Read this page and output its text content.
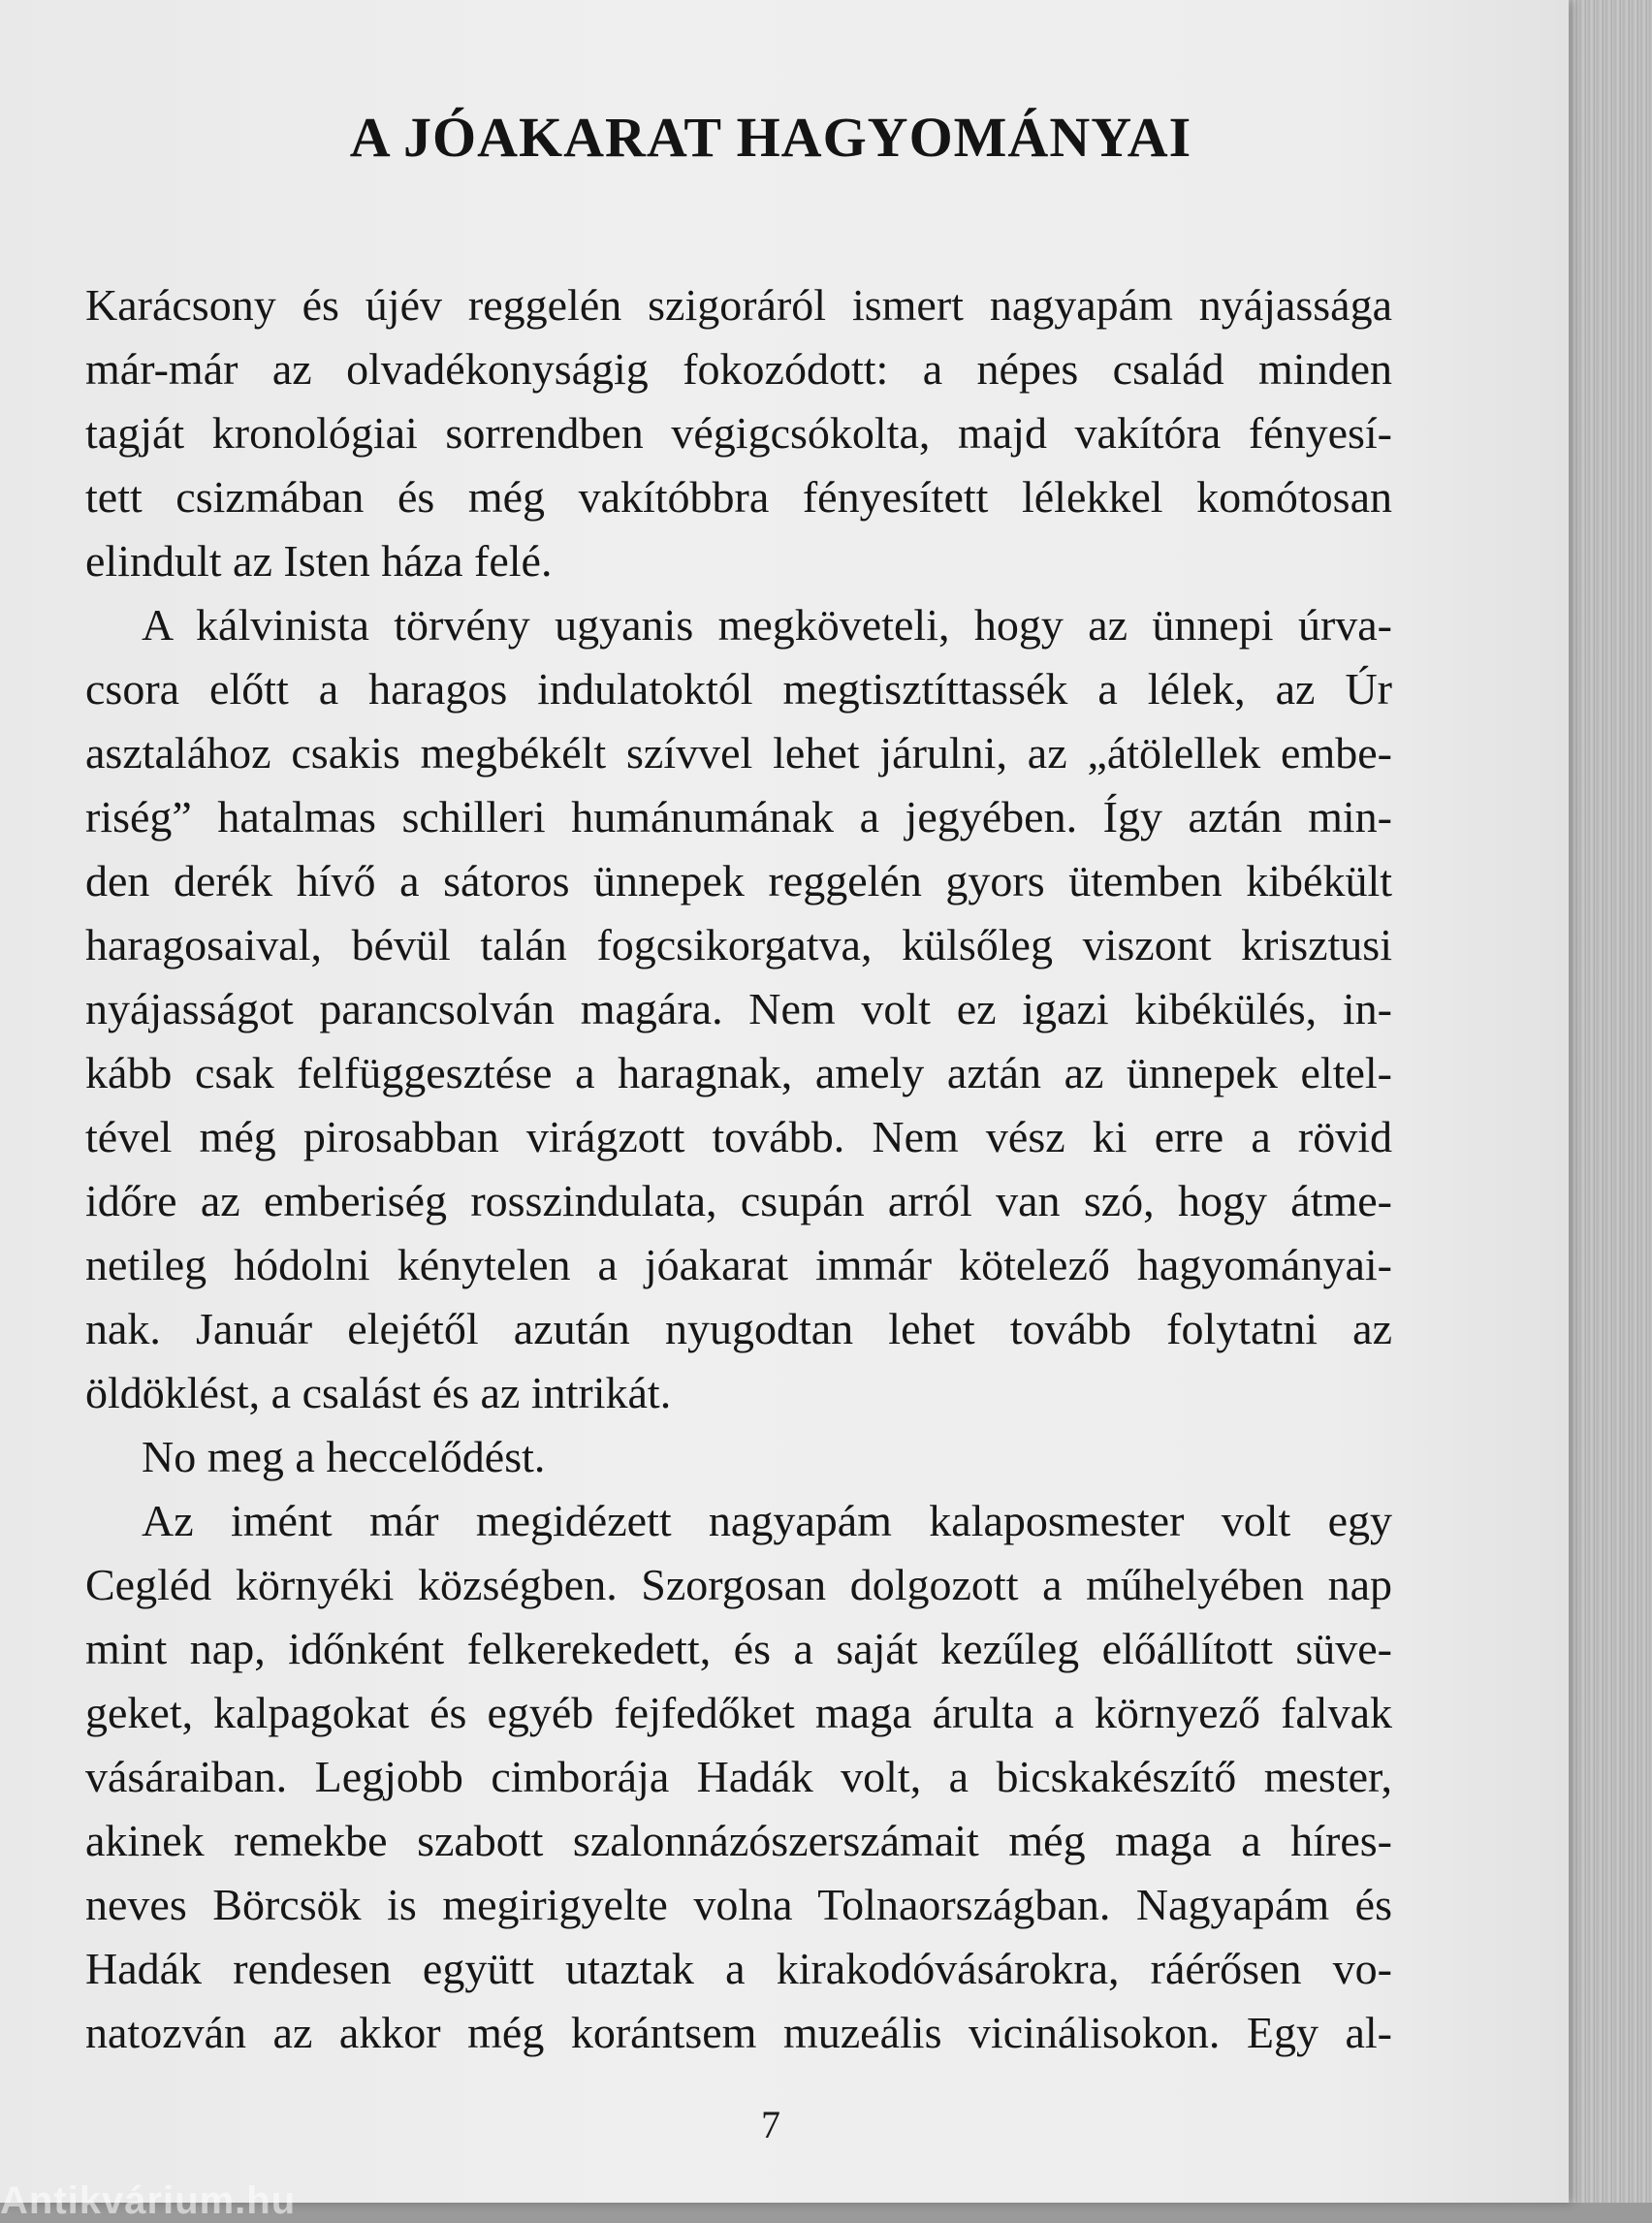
A JÓAKARAT HAGYOMÁNYAI
Karácsony és újév reggelén szigoráról ismert nagyapám nyájassága
már-már az olvadékonyságig fokozódott: a népes család minden
tagját kronológiai sorrendben végigcsókolta, majd vakítóra fényesí-
tett csizmában és még vakítóbbra fényesített lélekkel komótosan
elindult az Isten háza felé.
A kálvinista törvény ugyanis megköveteli, hogy az ünnepi úrva-
csora előtt a haragos indulatoktól megtisztíttassék a lélek, az Úr
asztalához csakis megbékélt szívvel lehet járulni, az „átölellek embe-
riség” hatalmas schilleri humánumának a jegyében. Így aztán min-
den derék hívő a sátoros ünnepek reggelén gyors ütemben kibékült
haragosaival, bévül talán fogcsikorgatva, külsőleg viszont krisztusi
nyájasságot parancsolván magára. Nem volt ez igazi kibékülés, in-
kább csak felfüggesztése a haragnak, amely aztán az ünnepek eltel-
tével még pirosabban virágzott tovább. Nem vész ki erre a rövid
időre az emberiség rosszindulata, csupán arról van szó, hogy átme-
netileg hódolni kénytelen a jóakarat immár kötelező hagyományai-
nak. Január elejétől azután nyugodtan lehet tovább folytatni az
öldöklést, a csalást és az intrikát.
No meg a heccelődést.
Az imént már megidézett nagyapám kalaposmester volt egy
Cegléd környéki községben. Szorgosan dolgozott a műhelyében nap
mint nap, időnként felkerekedett, és a saját kezűleg előállított süve-
geket, kalpagokat és egyéb fejfedőket maga árulta a környező falvak
vásáraiban. Legjobb cimborája Hadák volt, a bicskakészítő mester,
akinek remekbe szabott szalonnázószerszámait még maga a híres-
neves Börcsök is megirigyelte volna Tolnaországban. Nagyapám és
Hadák rendesen együtt utaztak a kirakodóvásárokra, ráérősen vo-
natozván az akkor még korántsem muzeális vicinálisokon. Egy al-
7
Antikvárium.hu
